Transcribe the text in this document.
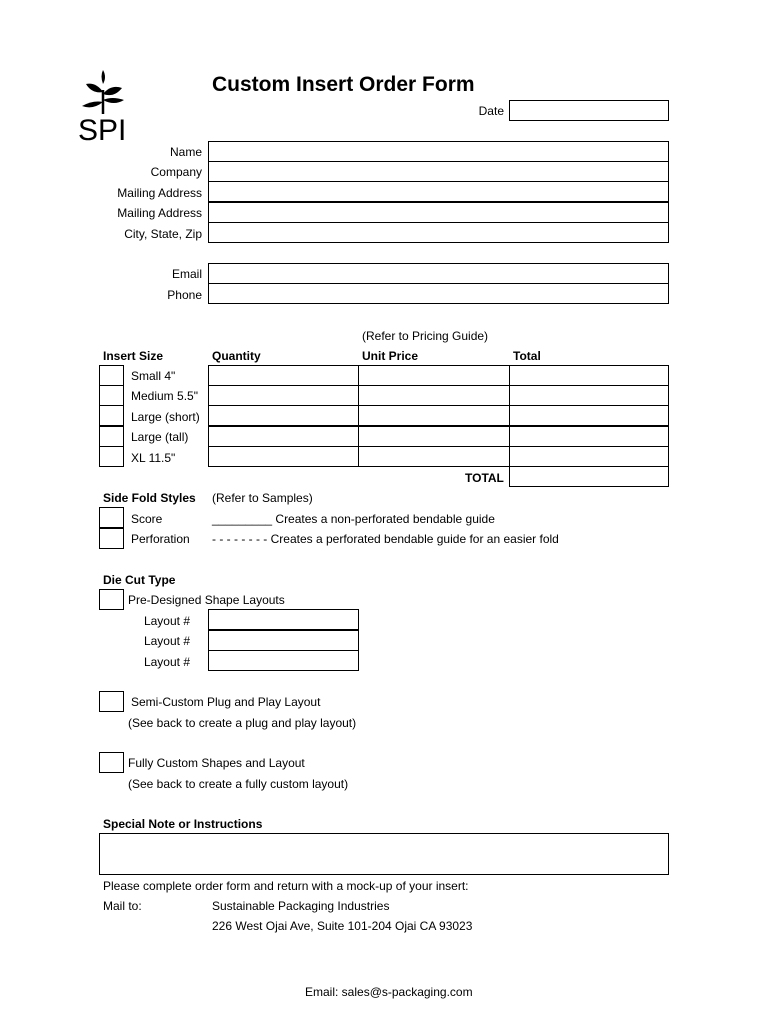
SPI
Custom Insert Order Form
Date
Name
Company
Mailing Address
Mailing Address
City, State, Zip
Email
Phone
(Refer to Pricing Guide)
Insert Size	Quantity	Unit Price	Total
Small 4"
Medium 5.5"
Large (short)
Large (tall)
XL 11.5"
TOTAL
Side Fold Styles (Refer to Samples)
Score	_________ Creates a non-perforated bendable guide
Perforation - - - - - - - - Creates a perforated bendable guide for an easier fold
Die Cut Type
Pre-Designed Shape Layouts
Layout #
Layout #
Layout #
Semi-Custom Plug and Play Layout
(See back to create a plug and play layout)
Fully Custom Shapes and Layout
(See back to create a fully custom layout)
Special Note or Instructions
Please complete order form and return with a mock-up of your insert:
Mail to:	Sustainable Packaging Industries
226 West Ojai Ave, Suite 101-204 Ojai CA 93023
Email: sales@s-packaging.com
